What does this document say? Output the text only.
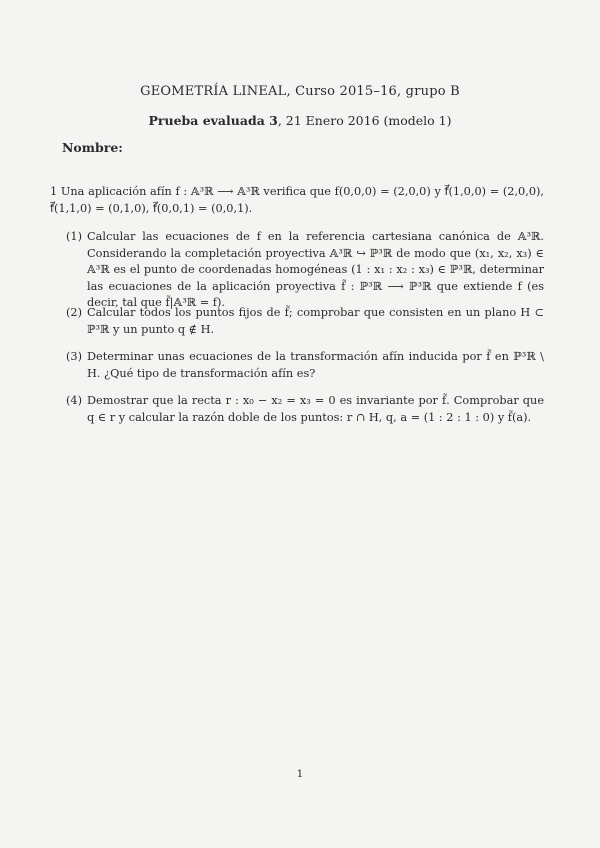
GEOMETRÍA LINEAL, Curso 2015–16, grupo B
Prueba evaluada 3, 21 Enero 2016 (modelo 1)
Nombre:
1 Una aplicación afín f : 𝔸³ℝ ⟶ 𝔸³ℝ verifica que f(0,0,0) = (2,0,0) y f⃗(1,0,0) = (2,0,0), f⃗(1,1,0) = (0,1,0), f⃗(0,0,1) = (0,0,1).
(1) Calcular las ecuaciones de f en la referencia cartesiana canónica de 𝔸³ℝ. Considerando la completación proyectiva 𝔸³ℝ ↪ ℙ³ℝ de modo que (x₁, x₂, x₃) ∈ 𝔸³ℝ es el punto de coordenadas homogéneas (1 : x₁ : x₂ : x₃) ∈ ℙ³ℝ, determinar las ecuaciones de la aplicación proyectiva f̃ : ℙ³ℝ ⟶ ℙ³ℝ que extiende f (es decir, tal que f̃|𝔸³ℝ = f).
(2) Calcular todos los puntos fijos de f̃; comprobar que consisten en un plano H ⊂ ℙ³ℝ y un punto q ∉ H.
(3) Determinar unas ecuaciones de la transformación afín inducida por f̃ en ℙ³ℝ \ H. ¿Qué tipo de transformación afín es?
(4) Demostrar que la recta r : x₀ − x₂ = x₃ = 0 es invariante por f̃. Comprobar que q ∈ r y calcular la razón doble de los puntos: r ∩ H, q, a = (1 : 2 : 1 : 0) y f̃(a).
1
